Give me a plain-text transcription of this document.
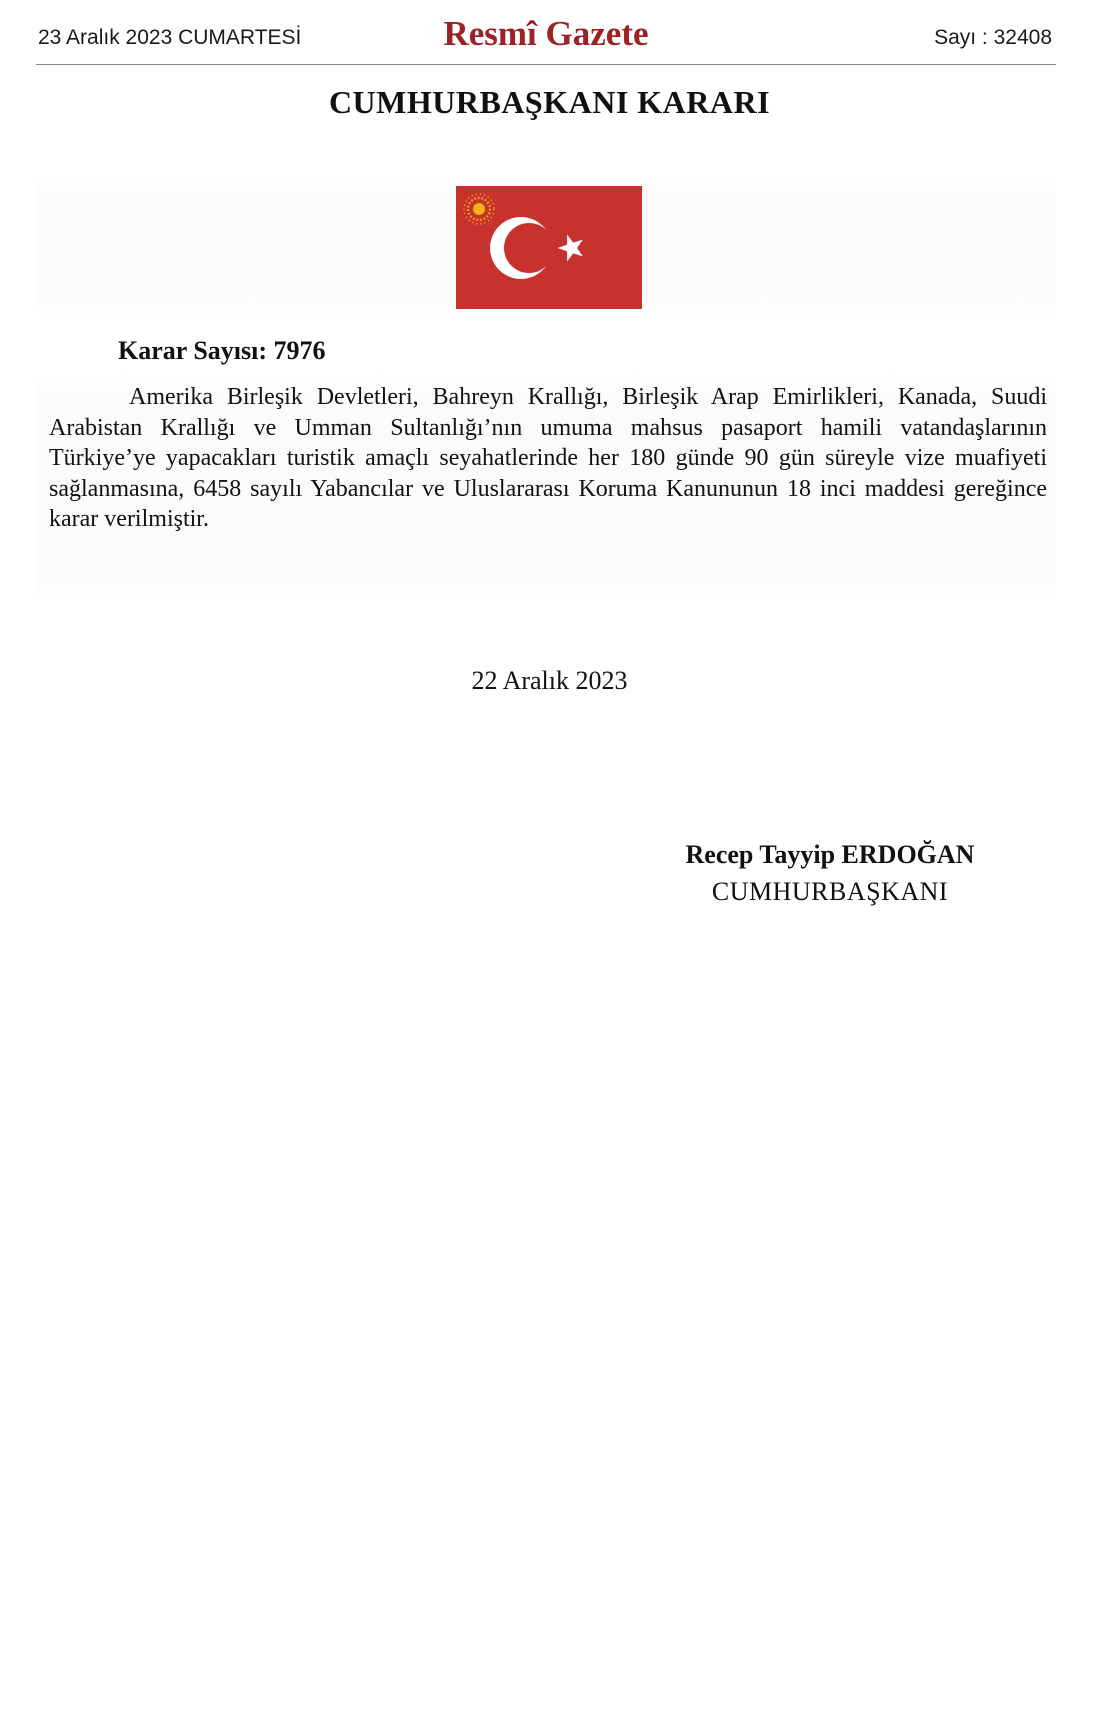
23 Aralık 2023 CUMARTESİ	Resmî Gazete	Sayı : 32408
CUMHURBAŞKANI KARARI
Karar Sayısı: 7976

Amerika Birleşik Devletleri, Bahreyn Krallığı, Birleşik Arap Emirlikleri, Kanada, Suudi Arabistan Krallığı ve Umman Sultanlığı’nın umuma mahsus pasaport hamili vatandaşlarının Türkiye’ye yapacakları turistik amaçlı seyahatlerinde her 180 günde 90 gün süreyle vize muafiyeti sağlanmasına, 6458 sayılı Yabancılar ve Uluslararası Koruma Kanununun 18 inci maddesi gereğince karar verilmiştir.

22 Aralık 2023
Recep Tayyip ERDOĞAN
CUMHURBAŞKANI
